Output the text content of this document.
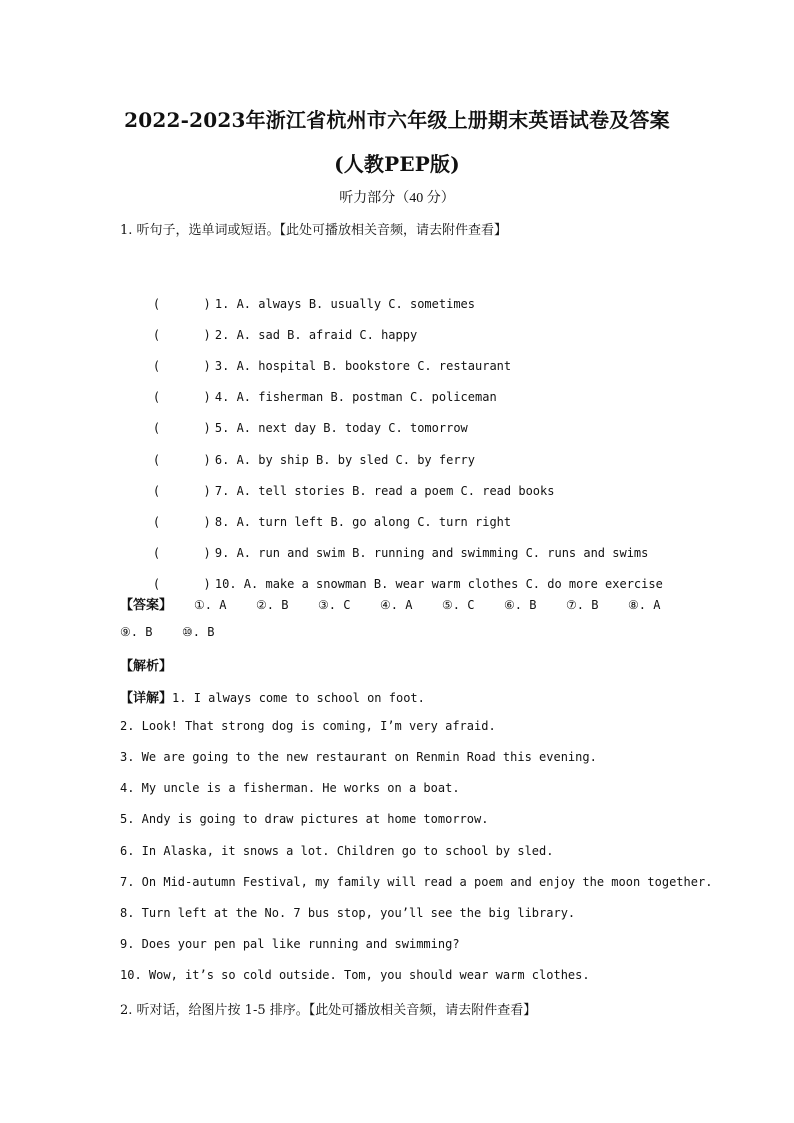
2022-2023年浙江省杭州市六年级上册期末英语试卷及答案
(人教PEP版)
听力部分（40 分）
1. 听句子，选单词或短语。【此处可播放相关音频，请去附件查看】

(      ) 1. A. always B. usually C. sometimes

(      ) 2. A. sad B. afraid C. happy

(      ) 3. A. hospital B. bookstore C. restaurant

(      ) 4. A. fisherman B. postman C. policeman

(      ) 5. A. next day B. today C. tomorrow

(      ) 6. A. by ship B. by sled C. by ferry

(      ) 7. A. tell stories B. read a poem C. read books

(      ) 8. A. turn left B. go along C. turn right

(      ) 9. A. run and swim B. running and swimming C. runs and swims

(      ) 10. A. make a snowman B. wear warm clothes C. do more exercise

【答案】 ①. A ②. B ③. C ④. A ⑤. C ⑥. B ⑦. B ⑧. A
⑨. B ⑩. B
【解析】
【详解】1. I always come to school on foot.
2. Look! That strong dog is coming, I’m very afraid.
3. We are going to the new restaurant on Renmin Road this evening.
4. My uncle is a fisherman. He works on a boat.
5. Andy is going to draw pictures at home tomorrow.
6. In Alaska, it snows a lot. Children go to school by sled.
7. On Mid-autumn Festival, my family will read a poem and enjoy the moon together.
8. Turn left at the No. 7 bus stop, you’ll see the big library.
9. Does your pen pal like running and swimming?
10. Wow, it’s so cold outside. Tom, you should wear warm clothes.
2. 听对话，给图片按 1-5 排序。【此处可播放相关音频，请去附件查看】
